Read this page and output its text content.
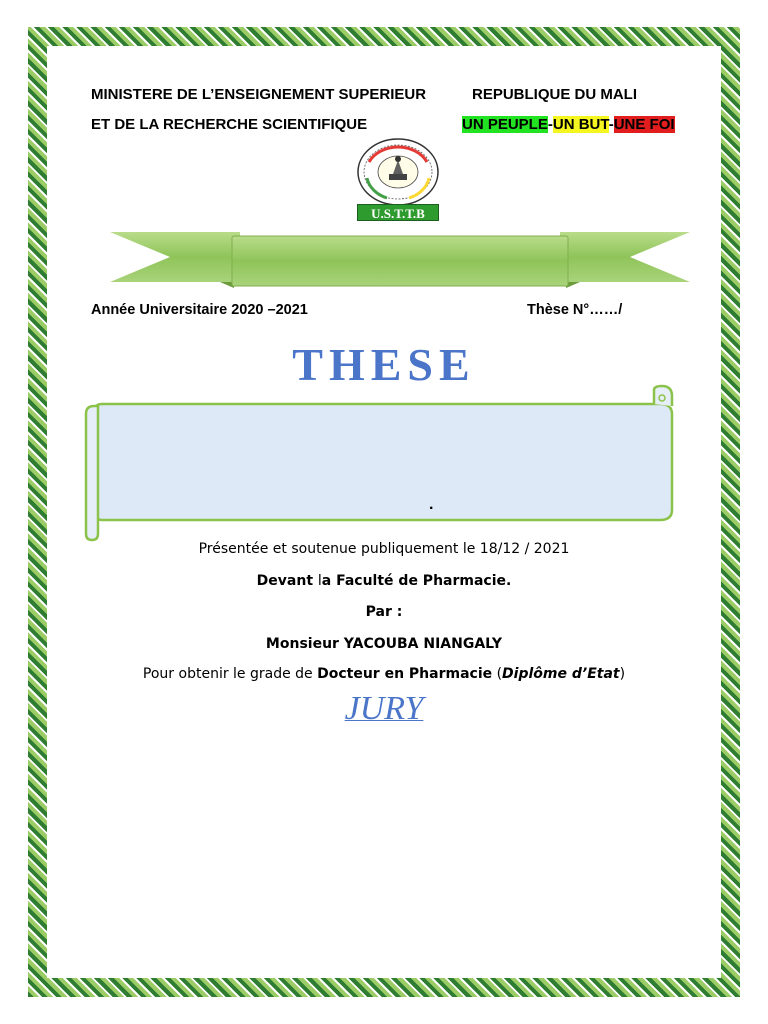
MINISTERE DE L’ENSEIGNEMENT SUPERIEUR
ET DE LA RECHERCHE SCIENTIFIQUE
REPUBLIQUE DU MALI
UN PEUPLE-UN BUT-UNE FOI
U.S.T.T.B
Année Universitaire 2020 –2021	Thèse N°……/
THESE
.
Présentée et soutenue publiquement le 18/12 / 2021
Devant la Faculté de Pharmacie.
Par :
Monsieur YACOUBA NIANGALY
Pour obtenir le grade de Docteur en Pharmacie (Diplôme d’Etat)
JURY
